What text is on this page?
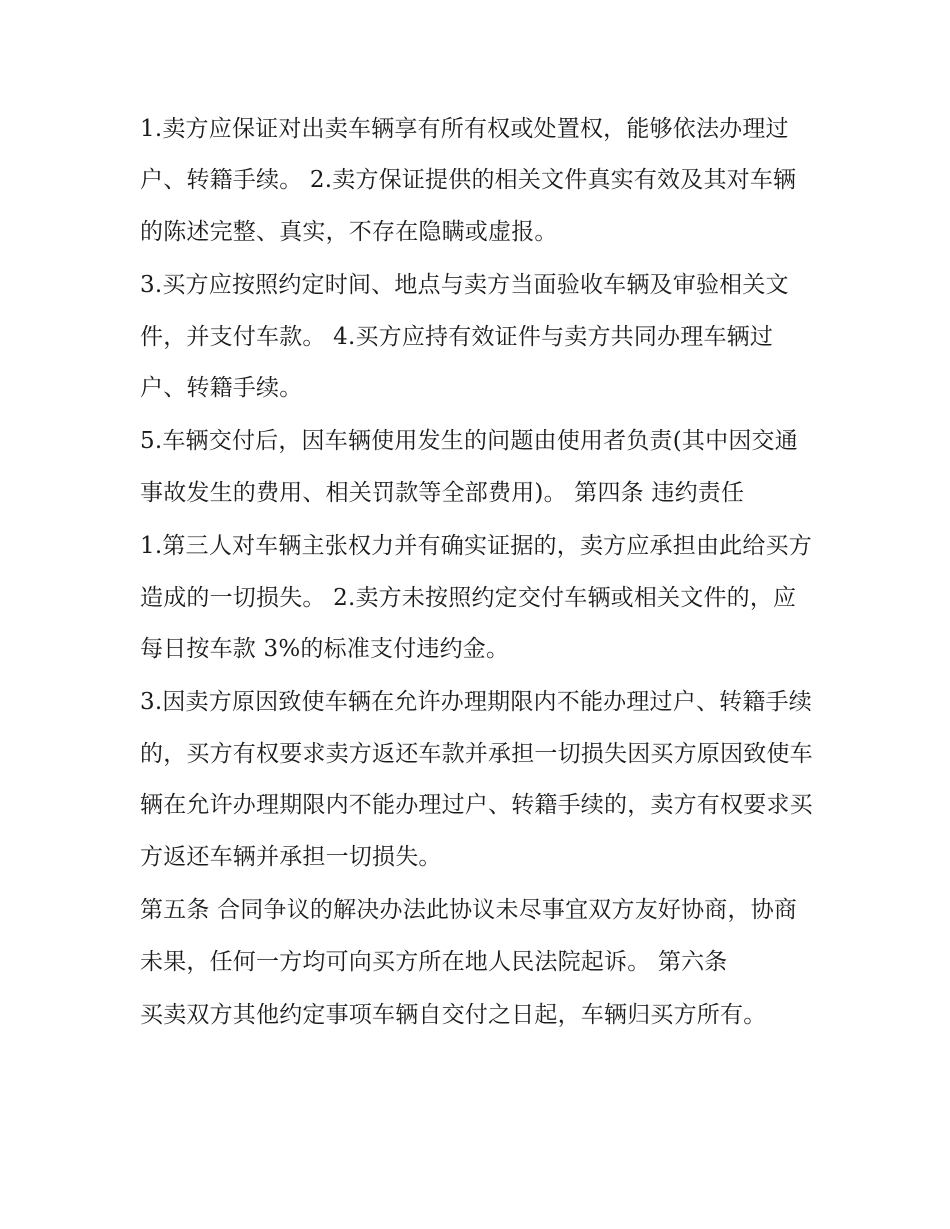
1.卖方应保证对出卖车辆享有所有权或处置权，能够依法办理过户、转籍手续。 2.卖方保证提供的相关文件真实有效及其对车辆的陈述完整、真实，不存在隐瞒或虚报。

3.买方应按照约定时间、地点与卖方当面验收车辆及审验相关文件，并支付车款。 4.买方应持有效证件与卖方共同办理车辆过户、转籍手续。

5.车辆交付后，因车辆使用发生的问题由使用者负责(其中因交通事故发生的费用、相关罚款等全部费用)。 第四条 违约责任

1.第三人对车辆主张权力并有确实证据的，卖方应承担由此给买方造成的一切损失。 2.卖方未按照约定交付车辆或相关文件的，应每日按车款 3%的标准支付违约金。

3.因卖方原因致使车辆在允许办理期限内不能办理过户、转籍手续的，买方有权要求卖方返还车款并承担一切损失因买方原因致使车辆在允许办理期限内不能办理过户、转籍手续的，卖方有权要求买方返还车辆并承担一切损失。

第五条 合同争议的解决办法此协议未尽事宜双方友好协商，协商未果，任何一方均可向买方所在地人民法院起诉。 第六条

买卖双方其他约定事项车辆自交付之日起，车辆归买方所有。
